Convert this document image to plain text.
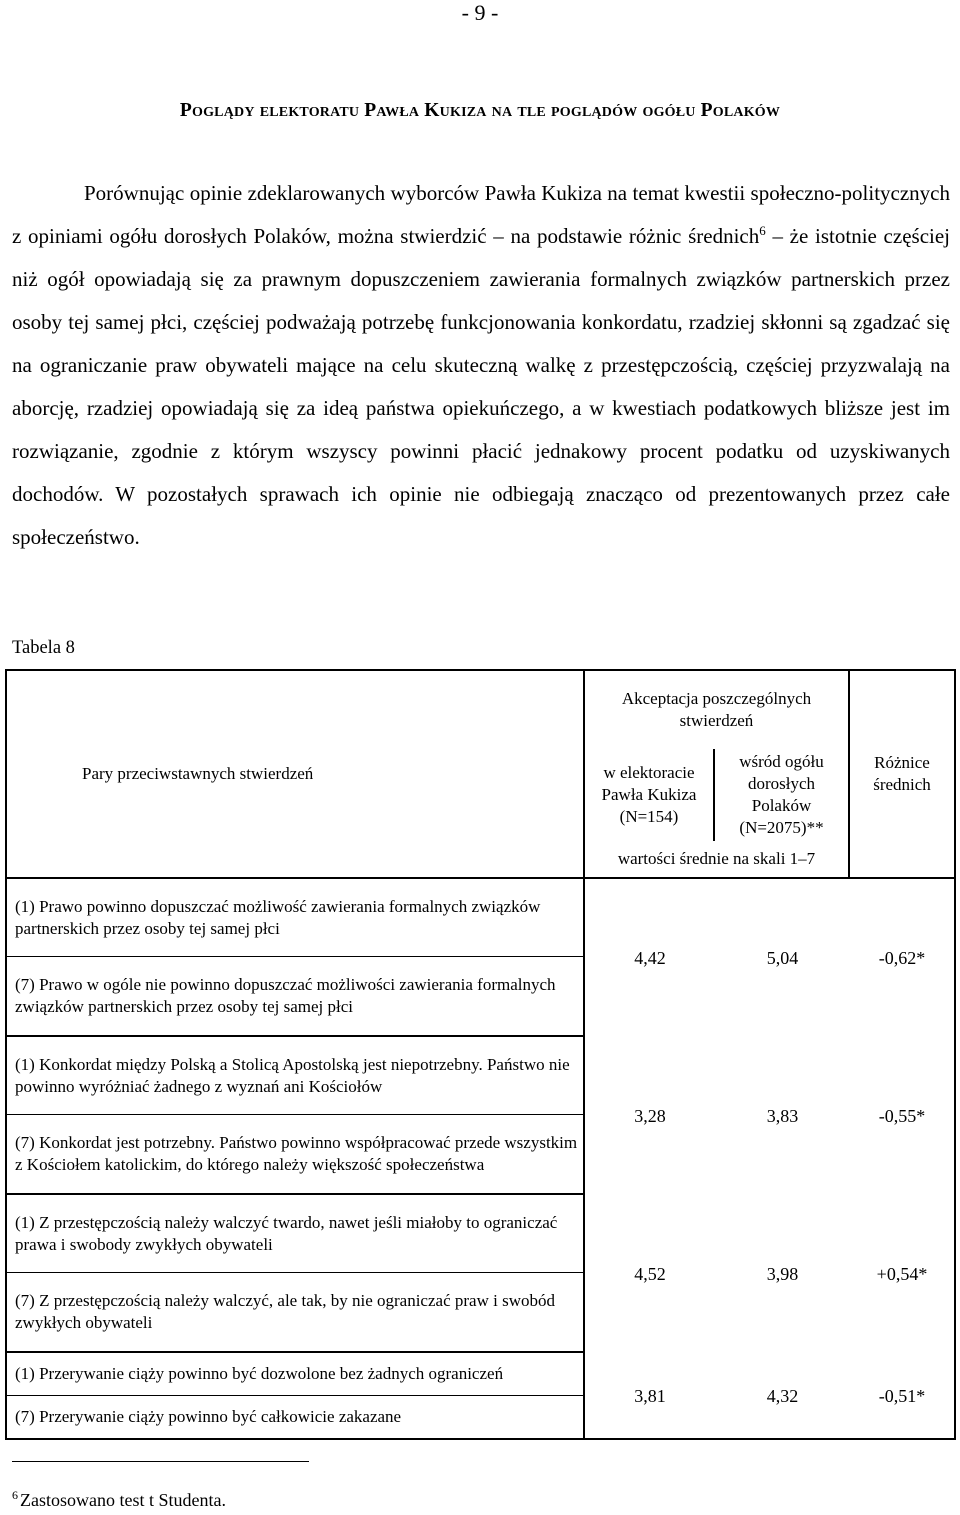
- 9 -
Poglądy elektoratu Pawła Kukiza na tle poglądów ogółu Polaków

Porównując opinie zdeklarowanych wyborców Pawła Kukiza na temat kwestii społeczno-politycznych z opiniami ogółu dorosłych Polaków, można stwierdzić – na podstawie różnic średnich$^6$ – że istotnie częściej niż ogół opowiadają się za prawnym dopuszczeniem zawierania formalnych związków partnerskich przez osoby tej samej płci, częściej podważają potrzebę funkcjonowania konkordatu, rzadziej skłonni są zgadzać się na ograniczanie praw obywateli mające na celu skuteczną walkę z przestępczością, częściej przyzwalają na aborcję, rzadziej opowiadają się za ideą państwa opiekuńczego, a w kwestiach podatkowych bliższe jest im rozwiązanie, zgodnie z którym wszyscy powinni płacić jednakowy procent podatku od uzyskiwanych dochodów. W pozostałych sprawach ich opinie nie odbiegają znacząco od prezentowanych przez całe społeczeństwo.

Tabela 8
Pary przeciwstawnych stwierdzeń	Akceptacja poszczególnych stwierdzeń		Różnice średnich
	w elektoracie Pawła Kukiza (N=154)	wśród ogółu dorosłych Polaków (N=2075)**	
	wartości średnie na skali 1–7		
(1) Prawo powinno dopuszczać możliwość zawierania formalnych związków partnerskich przez osoby tej samej płci	4,42	5,04	-0,62*
(7) Prawo w ogóle nie powinno dopuszczać możliwości zawierania formalnych związków partnerskich przez osoby tej samej płci			
(1) Konkordat między Polską a Stolicą Apostolską jest niepotrzebny. Państwo nie powinno wyróżniać żadnego z wyznań ani Kościołów	3,28	3,83	-0,55*
(7) Konkordat jest potrzebny. Państwo powinno współpracować przede wszystkim z Kościołem katolickim, do którego należy większość społeczeństwa			
(1) Z przestępczością należy walczyć twardo, nawet jeśli miałoby to ograniczać prawa i swobody zwykłych obywateli	4,52	3,98	+0,54*
(7) Z przestępczością należy walczyć, ale tak, by nie ograniczać praw i swobód zwykłych obywateli			
(1) Przerywanie ciąży powinno być dozwolone bez żadnych ograniczeń	3,81	4,32	-0,51*
(7) Przerywanie ciąży powinno być całkowicie zakazane			
$^6$ Zastosowano test t Studenta.
